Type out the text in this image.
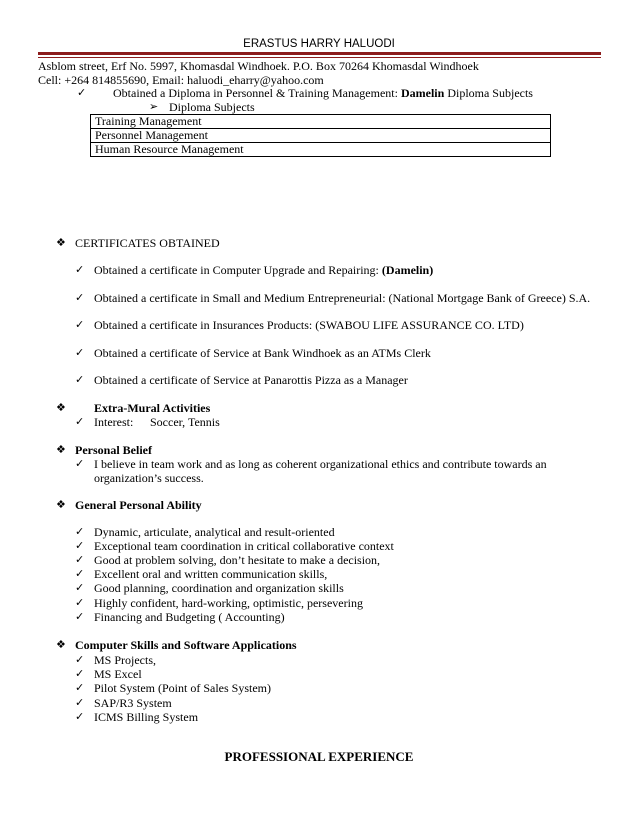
ERASTUS HARRY HALUODI
Asblom street, Erf No. 5997, Khomasdal Windhoek. P.O. Box 70264 Khomasdal Windhoek
Cell: +264 814855690, Email: haluodi_eharry@yahoo.com
✓ Obtained a Diploma in Personnel & Training Management: Damelin Diploma Subjects
➢ Diploma Subjects
Training Management
Personnel Management
Human Resource Management
❖ CERTIFICATES OBTAINED
✓ Obtained a certificate in Computer Upgrade and Repairing: (Damelin)
✓ Obtained a certificate in Small and Medium Entrepreneurial: (National Mortgage Bank of Greece) S.A.
✓ Obtained a certificate in Insurances Products: (SWABOU LIFE ASSURANCE CO. LTD)
✓ Obtained a certificate of Service at Bank Windhoek as an ATMs Clerk
✓ Obtained a certificate of Service at Panarottis Pizza as a Manager
❖ Extra-Mural Activities
✓ Interest: Soccer, Tennis
❖ Personal Belief
✓ I believe in team work and as long as coherent organizational ethics and contribute towards an organization’s success.
❖ General Personal Ability
✓ Dynamic, articulate, analytical and result-oriented
✓ Exceptional team coordination in critical collaborative context
✓ Good at problem solving, don’t hesitate to make a decision,
✓ Excellent oral and written communication skills,
✓ Good planning, coordination and organization skills
✓ Highly confident, hard-working, optimistic, persevering
✓ Financing and Budgeting ( Accounting)
❖ Computer Skills and Software Applications
✓ MS Projects,
✓ MS Excel
✓ Pilot System (Point of Sales System)
✓ SAP/R3 System
✓ ICMS Billing System
PROFESSIONAL EXPERIENCE
